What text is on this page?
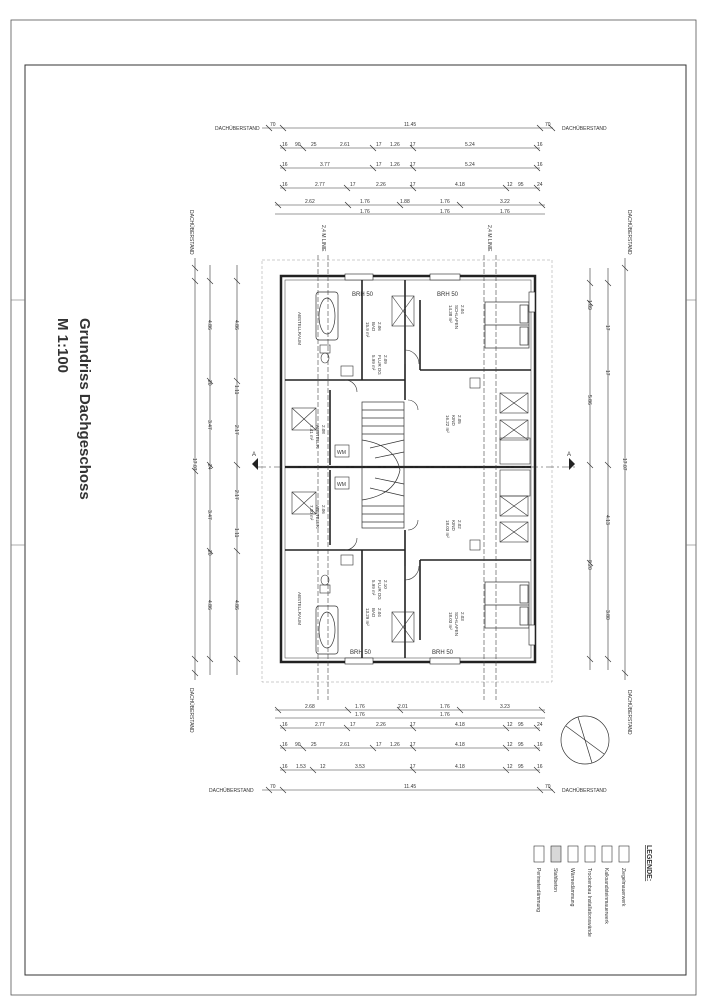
Grundriss Dachgeschoss
M 1:100
DACHÜBERSTAND	DACHÜBERSTAND
70	11.45	70
16 90 25	2.61	17 1.26 17	5.24	16
16	3.77	17 1.26 17	5.24	16
16	2.77	17	2.26	17	4.18	12 95	24
2.62	1.76	1.88	1.76	3.22
1.76	1.76	1.76
DACHÜBERSTAND
DACHÜBERSTAND
4.86
20
3.47
24
3.47
20
4.86
17.07
4.86
1.11
2.17
2.17
1.11
4.86
DACHÜBERSTAND
DACHÜBERSTAND
1.89
5.86
4.13
8.20
3.80
17.07
17
17
A	A
2,4 M LINIE	2,4 M LINIE
WM
WM
BRH 50	BRH 50
BRH 50	BRH 50
ABSTELLRAUM
ABSTELLRAUM
2.06
BAD
15.9 m²
2.09
FLUR DG
5.99 m²
2.08
ABSTELLR.
7.41 m²
2.04
SCHLAFEN
14.38 m²
2.05
KIND
16.22 m²
2.02
KIND
18.03 m²
2.03
SCHLAFEN
18.03 m²
2.06
ABSTELLR.
7.30 m²
2.10
FLUR DG
5.99 m²
2.04
BAD
13.29 m²
2.68	1.76	2.01	1.76	3.23
1.76	1.76
16	2.77	17	2.26	17	4.18	12 95	24
16 90 25	2.61	17 1.26 17	4.18	12 95	16
16 1.53	12	3.53	17	4.18	12 95	16
DACHÜBERSTAND	DACHÜBERSTAND
70	11.45	70
LEGENDE:
Ziegelmauerwerk
Kalksandsteinmauerwerk
Trockenbau Installationswände
Wärmedämmung
Stahlbeton
Perimeterdämmung
